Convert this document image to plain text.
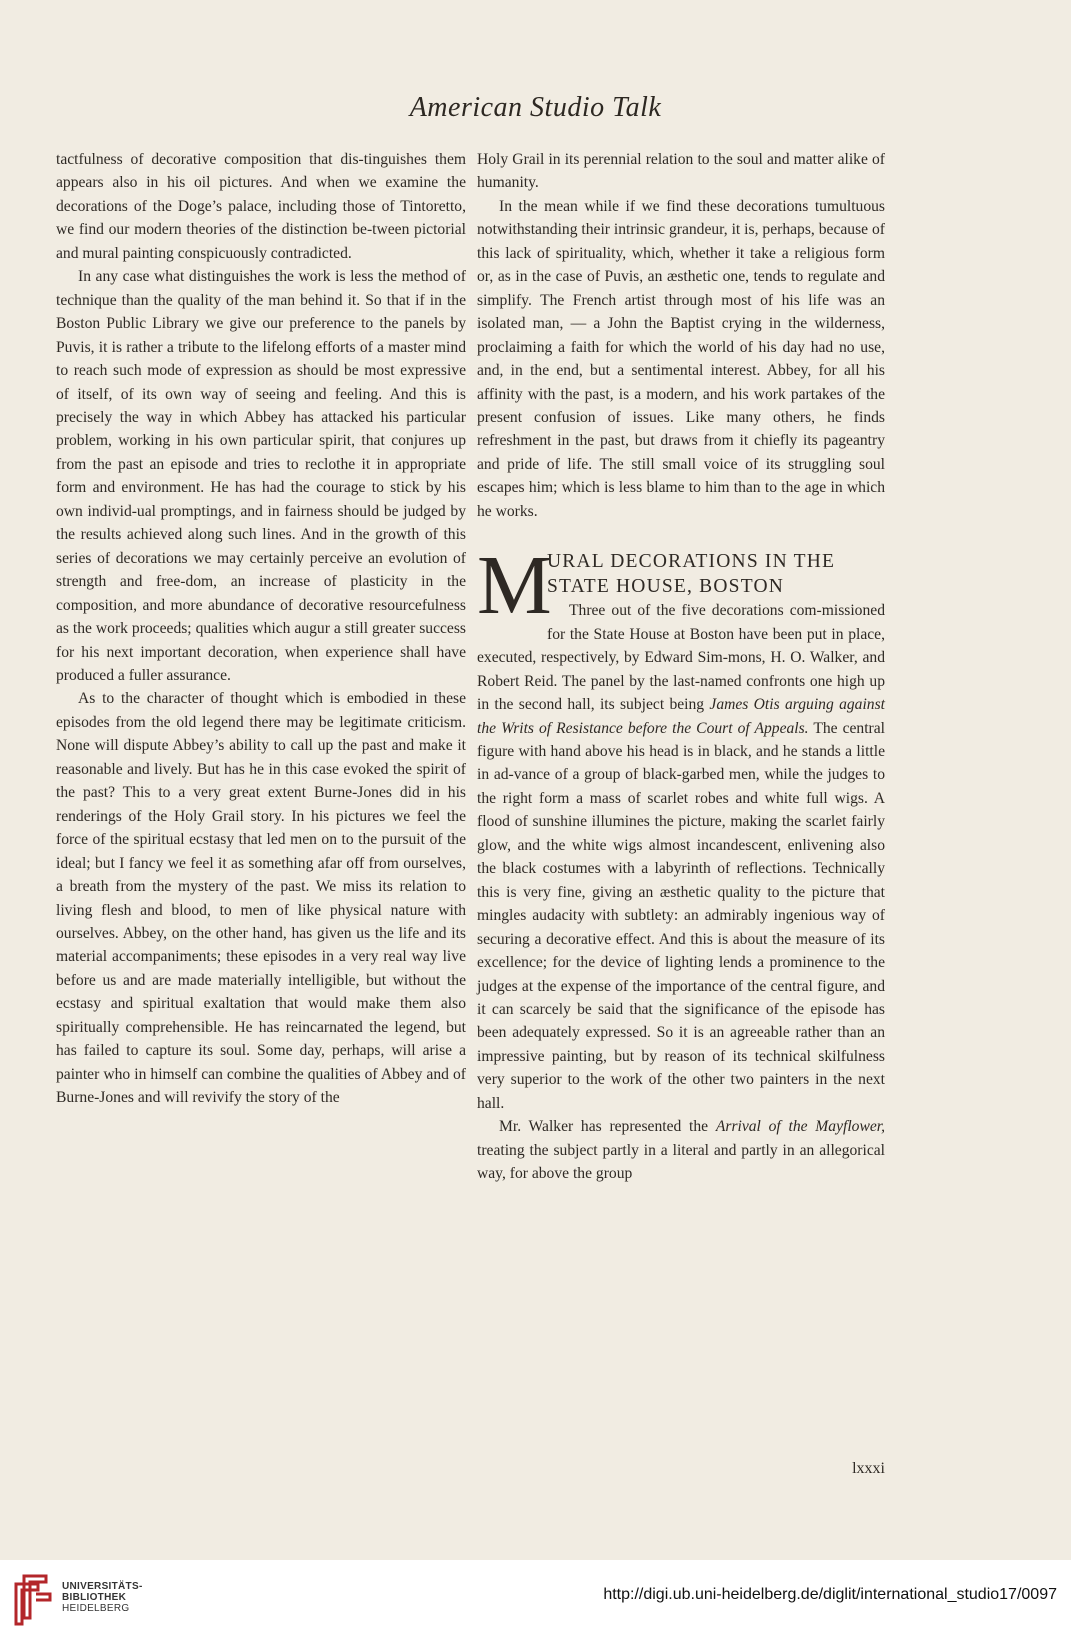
American Studio Talk

tactfulness of decorative composition that dis-tinguishes them appears also in his oil pictures. And when we examine the decorations of the Doge’s palace, including those of Tintoretto, we find our modern theories of the distinction be-tween pictorial and mural painting conspicuously contradicted.

In any case what distinguishes the work is less the method of technique than the quality of the man behind it. So that if in the Boston Public Library we give our preference to the panels by Puvis, it is rather a tribute to the lifelong efforts of a master mind to reach such mode of expression as should be most expressive of itself, of its own way of seeing and feeling. And this is precisely the way in which Abbey has attacked his particular problem, working in his own particular spirit, that conjures up from the past an episode and tries to reclothe it in appropriate form and environment. He has had the courage to stick by his own individ-ual promptings, and in fairness should be judged by the results achieved along such lines. And in the growth of this series of decorations we may certainly perceive an evolution of strength and free-dom, an increase of plasticity in the composition, and more abundance of decorative resourcefulness as the work proceeds; qualities which augur a still greater success for his next important decoration, when experience shall have produced a fuller assurance.

As to the character of thought which is embodied in these episodes from the old legend there may be legitimate criticism. None will dispute Abbey’s ability to call up the past and make it reasonable and lively. But has he in this case evoked the spirit of the past? This to a very great extent Burne-Jones did in his renderings of the Holy Grail story. In his pictures we feel the force of the spiritual ecstasy that led men on to the pursuit of the ideal; but I fancy we feel it as something afar off from ourselves, a breath from the mystery of the past. We miss its relation to living flesh and blood, to men of like physical nature with ourselves. Abbey, on the other hand, has given us the life and its material accompaniments; these episodes in a very real way live before us and are made materially intelligible, but without the ecstasy and spiritual exaltation that would make them also spiritually comprehensible. He has reincarnated the legend, but has failed to capture its soul. Some day, perhaps, will arise a painter who in himself can combine the qualities of Abbey and of Burne-Jones and will revivify the story of the

Holy Grail in its perennial relation to the soul and matter alike of humanity.

In the mean while if we find these decorations tumultuous notwithstanding their intrinsic grandeur, it is, perhaps, because of this lack of spirituality, which, whether it take a religious form or, as in the case of Puvis, an æsthetic one, tends to regulate and simplify. The French artist through most of his life was an isolated man, — a John the Baptist crying in the wilderness, proclaiming a faith for which the world of his day had no use, and, in the end, but a sentimental interest. Abbey, for all his affinity with the past, is a modern, and his work partakes of the present confusion of issues. Like many others, he finds refreshment in the past, but draws from it chiefly its pageantry and pride of life. The still small voice of its struggling soul escapes him; which is less blame to him than to the age in which he works.

M
URAL DECORATIONS IN THE
STATE HOUSE, BOSTON

Three out of the five decorations com-missioned for the State House at Boston have been put in place, executed, respectively, by Edward Sim-mons, H. O. Walker, and Robert Reid. The panel by the last-named confronts one high up in the second hall, its subject being James Otis arguing against the Writs of Resistance before the Court of Appeals. The central figure with hand above his head is in black, and he stands a little in ad-vance of a group of black-garbed men, while the judges to the right form a mass of scarlet robes and white full wigs. A flood of sunshine illumines the picture, making the scarlet fairly glow, and the white wigs almost incandescent, enlivening also the black costumes with a labyrinth of reflections. Technically this is very fine, giving an æsthetic quality to the picture that mingles audacity with subtlety: an admirably ingenious way of securing a decorative effect. And this is about the measure of its excellence; for the device of lighting lends a prominence to the judges at the expense of the importance of the central figure, and it can scarcely be said that the significance of the episode has been adequately expressed. So it is an agreeable rather than an impressive painting, but by reason of its technical skilfulness very superior to the work of the other two painters in the next hall.

Mr. Walker has represented the Arrival of the Mayflower, treating the subject partly in a literal and partly in an allegorical way, for above the group

lxxxi
UNIVERSITÄTS-
BIBLIOTHEK
HEIDELBERG
http://digi.ub.uni-heidelberg.de/diglit/international_studio17/0097
